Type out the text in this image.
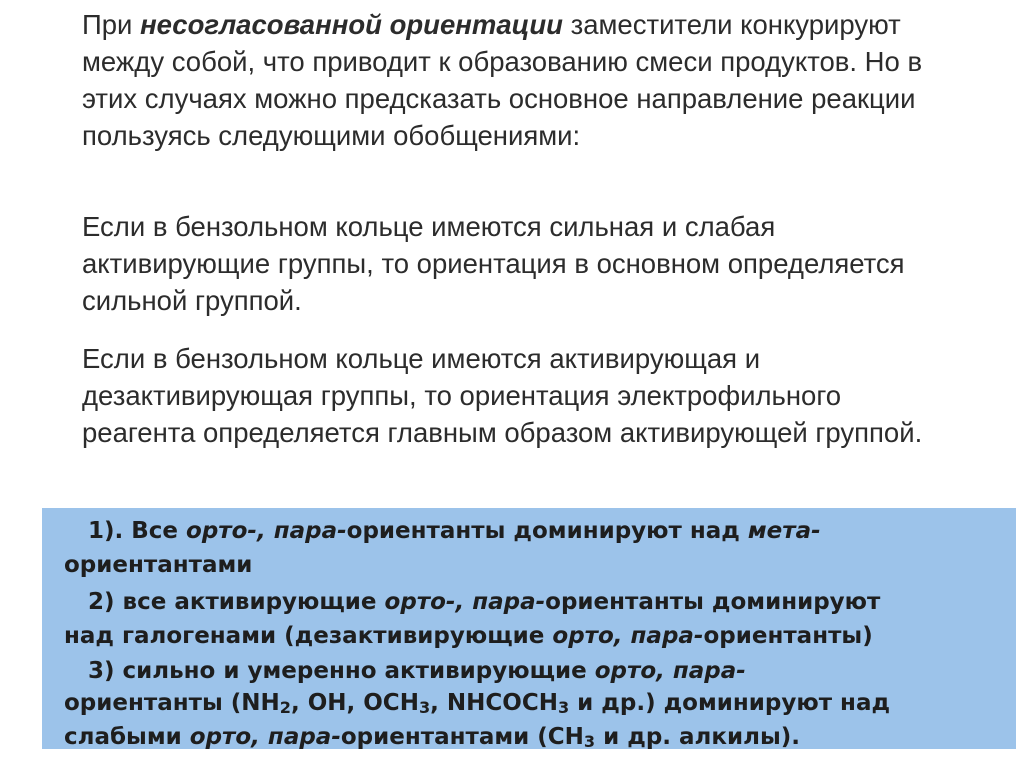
При несогласованной ориентации заместители конкурируют между собой, что приводит к образованию смеси продуктов. Но в этих случаях можно предсказать основное направление реакции пользуясь следующими обобщениями:

Если в бензольном кольце имеются сильная и слабая активирующие группы, то ориентация в основном определяется сильной группой.

Если в бензольном кольце имеются активирующая и дезактивирующая группы, то ориентация электрофильного реагента определяется главным образом активирующей группой.

1). Все орто-, пара-ориентанты доминируют над мета-

ориентантами

2) все активирующие орто-, пара-ориентанты доминируют

над галогенами (дезактивирующие орто, пара-ориентанты)

3) сильно и умеренно активирующие орто, пара-

ориентанты ($NH_2$, OH, $OCH_3$, $NHCOCH_3$ и др.) доминируют над

слабыми орто, пара-ориентантами ($CH_3$ и др. алкилы).
